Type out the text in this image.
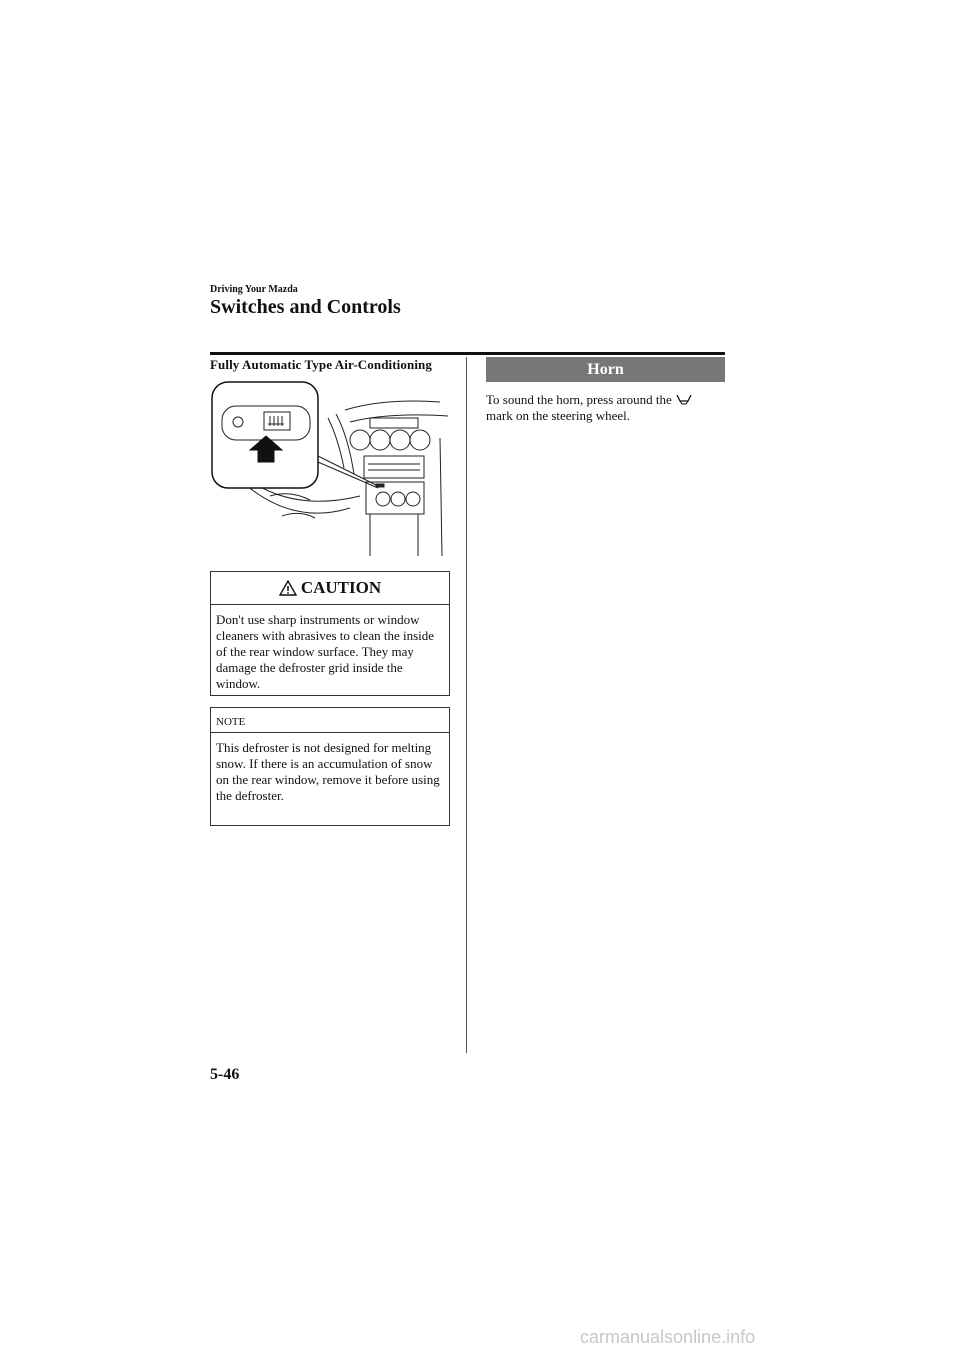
Driving Your Mazda
Switches and Controls
Fully Automatic Type Air-Conditioning
CAUTION
Don't use sharp instruments or window cleaners with abrasives to clean the inside of the rear window surface. They may damage the defroster grid inside the window.
NOTE
This defroster is not designed for melting snow. If there is an accumulation of snow on the rear window, remove it before using the defroster.
Horn
To sound the horn, press around the
mark on the steering wheel.
5-46
carmanualsonline.info
